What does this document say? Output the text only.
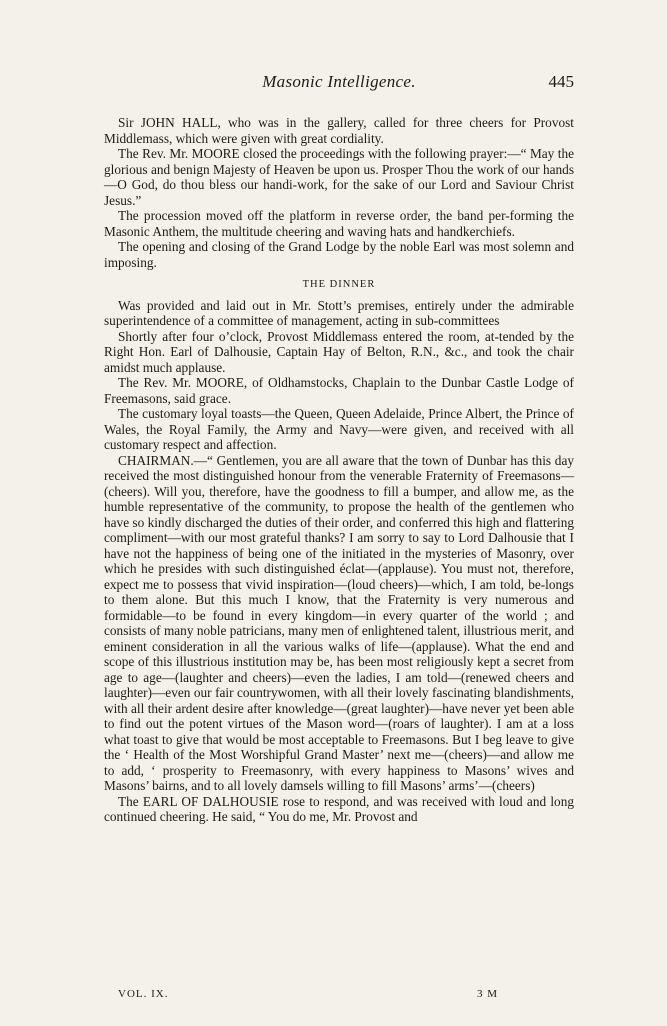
Masonic Intelligence.	445

Sir JOHN HALL, who was in the gallery, called for three cheers for Provost Middlemass, which were given with great cordiality.

The Rev. Mr. MOORE closed the proceedings with the following prayer:—“ May the glorious and benign Majesty of Heaven be upon us. Prosper Thou the work of our hands—O God, do thou bless our handi-work, for the sake of our Lord and Saviour Christ Jesus.”

The procession moved off the platform in reverse order, the band per-forming the Masonic Anthem, the multitude cheering and waving hats and handkerchiefs.

The opening and closing of the Grand Lodge by the noble Earl was most solemn and imposing.

THE DINNER

Was provided and laid out in Mr. Stott’s premises, entirely under the admirable superintendence of a committee of management, acting in sub-committees

Shortly after four o’clock, Provost Middlemass entered the room, at-tended by the Right Hon. Earl of Dalhousie, Captain Hay of Belton, R.N., &c., and took the chair amidst much applause.

The Rev. Mr. MOORE, of Oldhamstocks, Chaplain to the Dunbar Castle Lodge of Freemasons, said grace.

The customary loyal toasts—the Queen, Queen Adelaide, Prince Albert, the Prince of Wales, the Royal Family, the Army and Navy—were given, and received with all customary respect and affection.

CHAIRMAN.—“ Gentlemen, you are all aware that the town of Dunbar has this day received the most distinguished honour from the venerable Fraternity of Freemasons—(cheers). Will you, therefore, have the goodness to fill a bumper, and allow me, as the humble representative of the community, to propose the health of the gentlemen who have so kindly discharged the duties of their order, and conferred this high and flattering compliment—with our most grateful thanks? I am sorry to say to Lord Dalhousie that I have not the happiness of being one of the initiated in the mysteries of Masonry, over which he presides with such distinguished éclat—(applause). You must not, therefore, expect me to possess that vivid inspiration—(loud cheers)—which, I am told, be-longs to them alone. But this much I know, that the Fraternity is very numerous and formidable—to be found in every kingdom—in every quarter of the world ; and consists of many noble patricians, many men of enlightened talent, illustrious merit, and eminent consideration in all the various walks of life—(applause). What the end and scope of this illustrious institution may be, has been most religiously kept a secret from age to age—(laughter and cheers)—even the ladies, I am told—(renewed cheers and laughter)—even our fair countrywomen, with all their lovely fascinating blandishments, with all their ardent desire after knowledge—(great laughter)—have never yet been able to find out the potent virtues of the Mason word—(roars of laughter). I am at a loss what toast to give that would be most acceptable to Freemasons. But I beg leave to give the ‘ Health of the Most Worshipful Grand Master’ next me—(cheers)—and allow me to add, ‘ prosperity to Freemasonry, with every happiness to Masons’ wives and Masons’ bairns, and to all lovely damsels willing to fill Masons’ arms’—(cheers)

The EARL OF DALHOUSIE rose to respond, and was received with loud and long continued cheering. He said, “ You do me, Mr. Provost and

VOL. IX.	3 M
